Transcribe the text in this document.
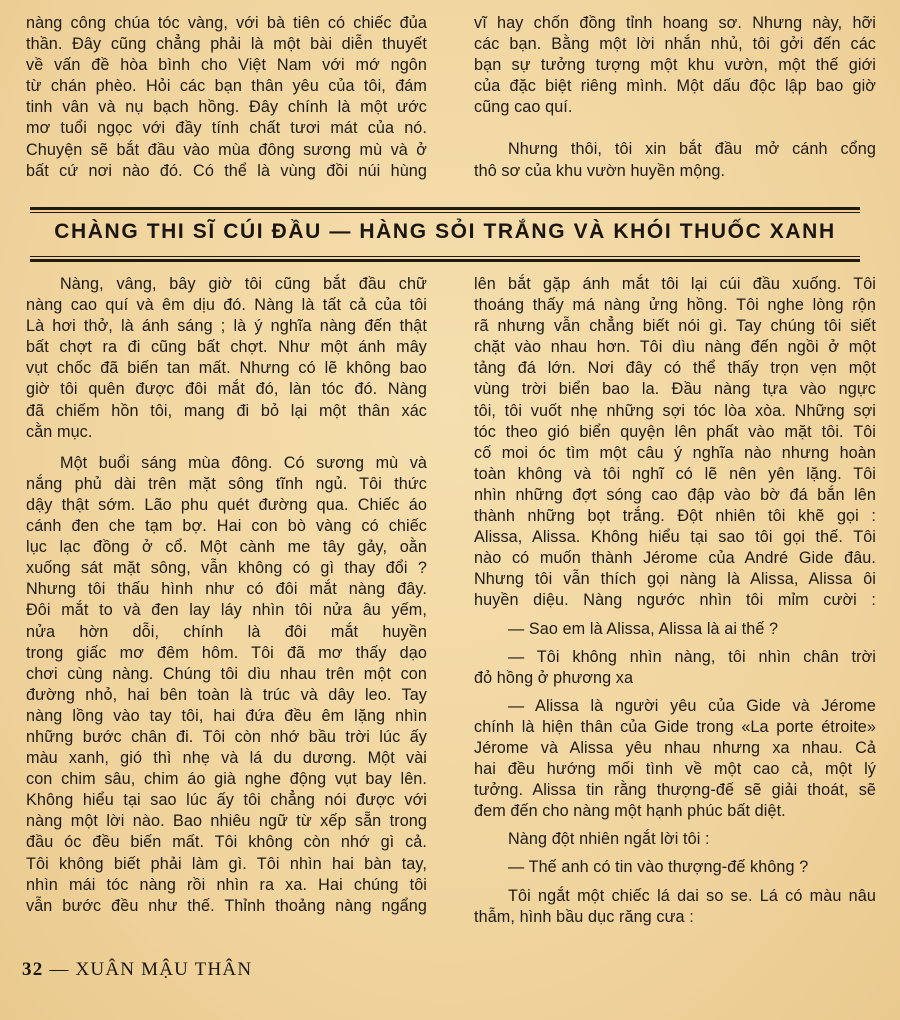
nàng công chúa tóc vàng, với bà tiên có chiếc đủa

thần. Đây cũng chẳng phải là một bài diễn thuyết

về vấn đề hòa bình cho Việt Nam với mớ ngôn

từ chán phèo. Hỏi các bạn thân yêu của tôi, đám

tinh vân và nụ bạch hồng. Đây chính là một ước

mơ tuổi ngọc với đầy tính chất tươi mát của nó.

Chuyện sẽ bắt đầu vào mùa đông sương mù và ở

bất cứ nơi nào đó. Có thể là vùng đồi núi hùng

vĩ hay chốn đồng tỉnh hoang sơ. Nhưng này, hỡi

các bạn. Bằng một lời nhắn nhủ, tôi gởi đến các

bạn sự tưởng tượng một khu vườn, một thế giới

của đặc biệt riêng mình. Một dấu độc lập bao giờ

cũng cao quí.

Nhưng thôi, tôi xin bắt đầu mở cánh cổng

thô sơ của khu vườn huyền mộng.

CHÀNG THI SĨ CÚI ĐẦU — HÀNG SỎI TRẮNG VÀ KHÓI THUỐC XANH

Nàng, vâng, bây giờ tôi cũng bắt đầu chữ

nàng cao quí và êm dịu đó. Nàng là tất cả của tôi

Là hơi thở, là ánh sáng ; là ý nghĩa nàng đến thật

bất chợt ra đi cũng bất chợt. Như một ánh mây

vụt chốc đã biến tan mất. Nhưng có lẽ không bao

giờ tôi quên được đôi mắt đó, làn tóc đó. Nàng

đã chiếm hồn tôi, mang đi bỏ lại một thân xác

cằn mục.

Một buổi sáng mùa đông. Có sương mù và

nắng phủ dài trên mặt sông tĩnh ngủ. Tôi thức

dậy thật sớm. Lão phu quét đường qua. Chiếc áo

cánh đen che tạm bợ. Hai con bò vàng có chiếc

lục lạc đồng ở cổ. Một cành me tây gảy, oằn

xuống sát mặt sông, vẫn không có gì thay đổi ?

Nhưng tôi thấu hình như có đôi mắt nàng đây.

Đôi mắt to và đen lay láy nhìn tôi nửa âu yếm,

nửa hờn dỗi, chính là đôi mắt huyền

trong giấc mơ đêm hôm. Tôi đã mơ thấy dạo

chơi cùng nàng. Chúng tôi dìu nhau trên một con

đường nhỏ, hai bên toàn là trúc và dây leo. Tay

nàng lồng vào tay tôi, hai đứa đều êm lặng nhìn

những bước chân đi. Tôi còn nhớ bầu trời lúc ấy

màu xanh, gió thì nhẹ và lá du dương. Một vài

con chim sâu, chim áo già nghe động vụt bay lên.

Không hiểu tại sao lúc ấy tôi chẳng nói được với

nàng một lời nào. Bao nhiêu ngữ từ xếp sẵn trong

đầu óc đều biến mất. Tôi không còn nhớ gì cả.

Tôi không biết phải làm gì. Tôi nhìn hai bàn tay,

nhìn mái tóc nàng rồi nhìn ra xa. Hai chúng tôi

vẫn bước đều như thế. Thỉnh thoảng nàng ngẩng

lên bắt gặp ánh mắt tôi lại cúi đầu xuống. Tôi

thoáng thấy má nàng ửng hồng. Tôi nghe lòng rộn

rã nhưng vẫn chẳng biết nói gì. Tay chúng tôi siết

chặt vào nhau hơn. Tôi dìu nàng đến ngồi ở một

tảng đá lớn. Nơi đây có thể thấy trọn vẹn một

vùng trời biển bao la. Đầu nàng tựa vào ngực

tôi, tôi vuốt nhẹ những sợi tóc lòa xòa. Những sợi

tóc theo gió biển quyện lên phất vào mặt tôi. Tôi

cố moi óc tìm một câu ý nghĩa nào nhưng hoàn

toàn không và tôi nghĩ có lẽ nên yên lặng. Tôi

nhìn những đợt sóng cao đập vào bờ đá bắn lên

thành những bọt trắng. Đột nhiên tôi khẽ gọi :

Alissa, Alissa. Không hiểu tại sao tôi gọi thế. Tôi

nào có muốn thành Jérome của André Gide đâu.

Nhưng tôi vẫn thích gọi nàng là Alissa, Alissa ôi

huyền diệu. Nàng ngước nhìn tôi mỉm cười :

— Sao em là Alissa, Alissa là ai thế ?

— Tôi không nhìn nàng, tôi nhìn chân trời

đỏ hồng ở phương xa

— Alissa là người yêu của Gide và Jérome

chính là hiện thân của Gide trong «La porte étroite»

Jérome và Alissa yêu nhau nhưng xa nhau. Cả

hai đều hướng mối tình về một cao cả, một lý

tưởng. Alissa tin rằng thượng-đế sẽ giải thoát, sẽ

đem đến cho nàng một hạnh phúc bất diệt.

Nàng đột nhiên ngắt lời tôi :

— Thế anh có tin vào thượng-đế không ?

Tôi ngắt một chiếc lá dai so se. Lá có màu nâu

thẫm, hình bầu dục răng cưa :

32 — XUÂN MẬU THÂN
